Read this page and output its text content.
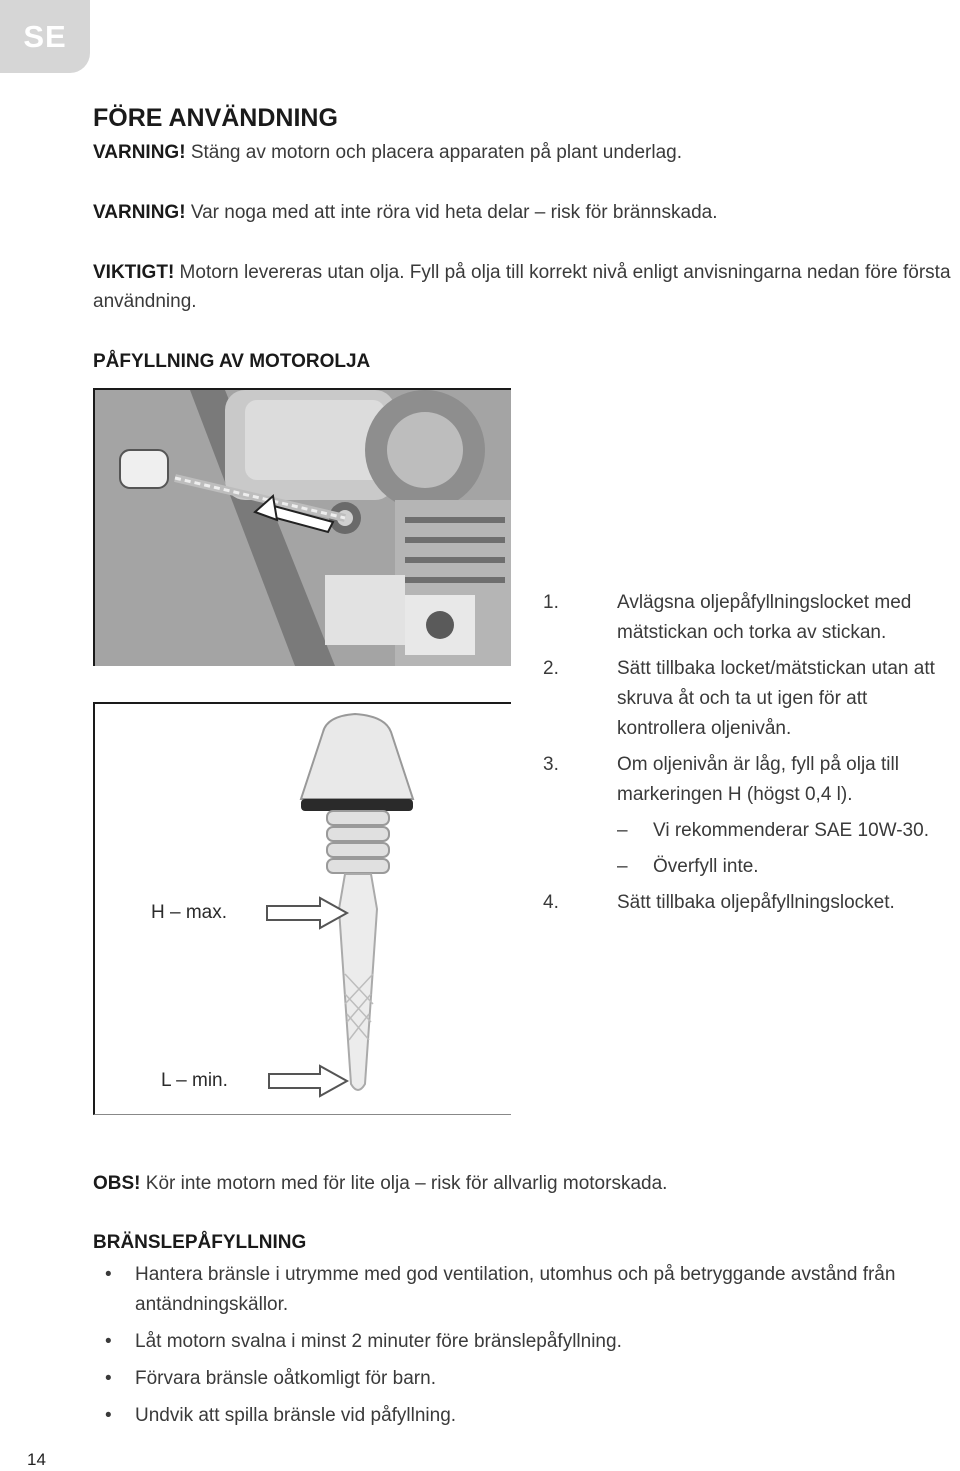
SE
FÖRE ANVÄNDNING
VARNING! Stäng av motorn och placera apparaten på plant underlag.
VARNING! Var noga med att inte röra vid heta delar – risk för brännskada.
VIKTIGT! Motorn levereras utan olja. Fyll på olja till korrekt nivå enligt anvisningarna nedan före första användning.
PÅFYLLNING AV MOTOROLJA
H – max.
L – min.
1.	Avlägsna oljepåfyllningslocket med mätstickan och torka av stickan.
2.	Sätt tillbaka locket/mätstickan utan att skruva åt och ta ut igen för att kontrollera oljenivån.
3.	Om oljenivån är låg, fyll på olja till markeringen H (högst 0,4 l).
–	Vi rekommenderar SAE 10W-30.
–	Överfyll inte.
4.	Sätt tillbaka oljepåfyllningslocket.
OBS! Kör inte motorn med för lite olja – risk för allvarlig motorskada.
BRÄNSLEPÅFYLLNING
•	Hantera bränsle i utrymme med god ventilation, utomhus och på betryggande avstånd från antändningskällor.
•	Låt motorn svalna i minst 2 minuter före bränslepåfyllning.
•	Förvara bränsle oåtkomligt för barn.
•	Undvik att spilla bränsle vid påfyllning.
14
